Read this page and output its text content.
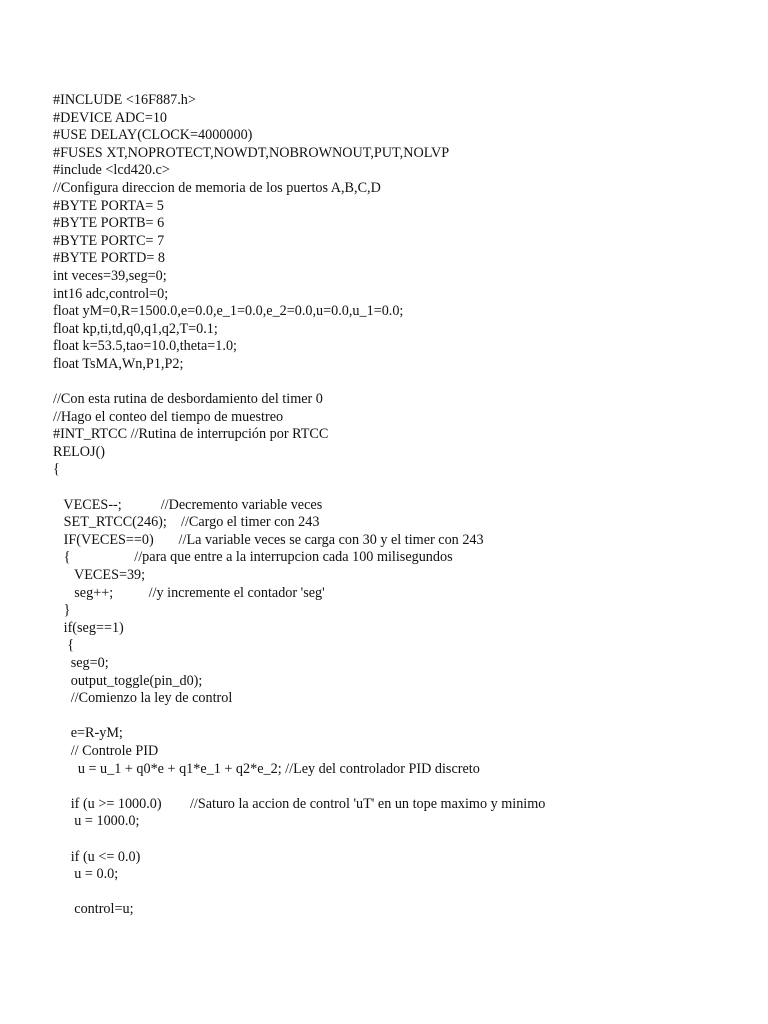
#INCLUDE <16F887.h>
#DEVICE ADC=10
#USE DELAY(CLOCK=4000000)
#FUSES XT,NOPROTECT,NOWDT,NOBROWNOUT,PUT,NOLVP
#include <lcd420.c>
//Configura direccion de memoria de los puertos A,B,C,D
#BYTE PORTA= 5
#BYTE PORTB= 6
#BYTE PORTC= 7
#BYTE PORTD= 8
int veces=39,seg=0;
int16 adc,control=0;
float yM=0,R=1500.0,e=0.0,e_1=0.0,e_2=0.0,u=0.0,u_1=0.0;
float kp,ti,td,q0,q1,q2,T=0.1;
float k=53.5,tao=10.0,theta=1.0;
float TsMA,Wn,P1,P2;
//Con esta rutina de desbordamiento del timer 0
//Hago el conteo del tiempo de muestreo
#INT_RTCC //Rutina de interrupción por RTCC
RELOJ()
{
VECES--;           //Decremento variable veces
SET_RTCC(246);    //Cargo el timer con 243
IF(VECES==0)       //La variable veces se carga con 30 y el timer con 243
{                  //para que entre a la interrupcion cada 100 milisegundos
VECES=39;
seg++;          //y incremente el contador 'seg'
}
if(seg==1)
{
seg=0;
output_toggle(pin_d0);
//Comienzo la ley de control
e=R-yM;
// Controle PID
u = u_1 + q0*e + q1*e_1 + q2*e_2; //Ley del controlador PID discreto
if (u >= 1000.0)        //Saturo la accion de control 'uT' en un tope maximo y minimo
u = 1000.0;
if (u <= 0.0)
u = 0.0;
control=u;
